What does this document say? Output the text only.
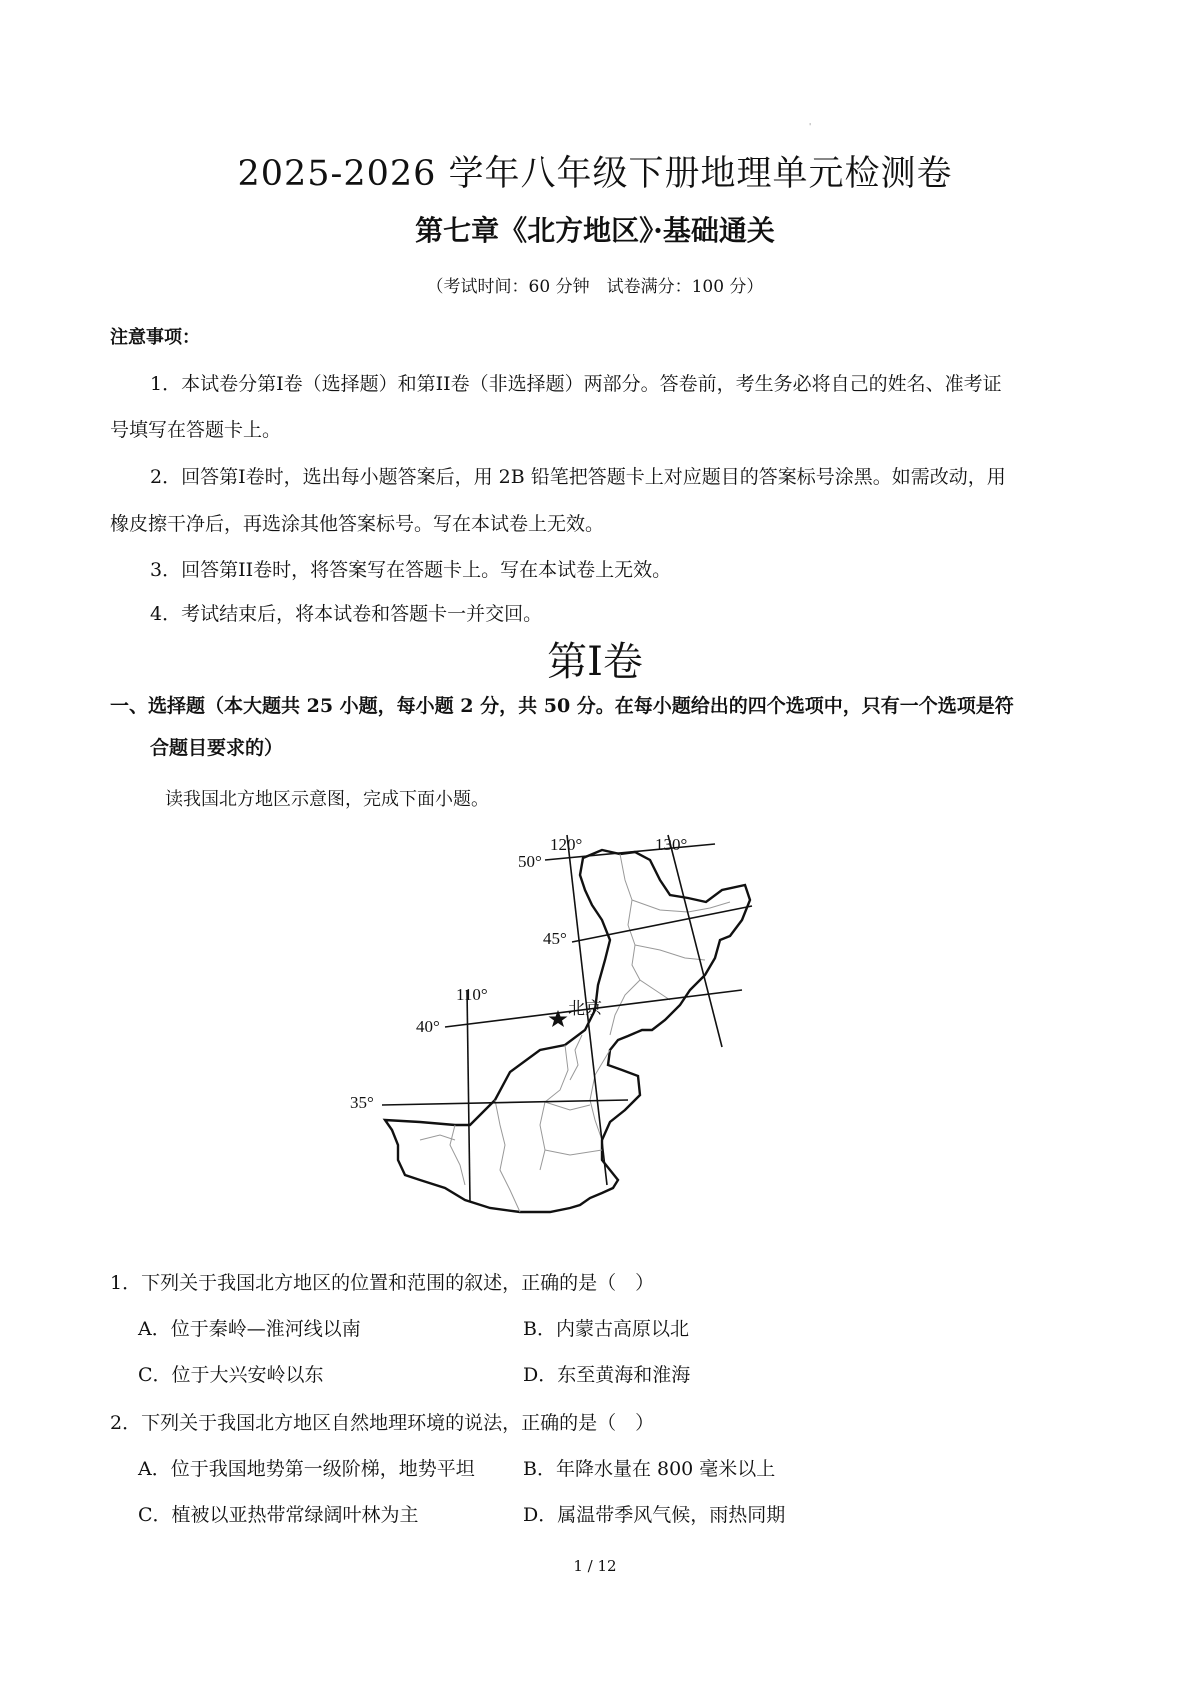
'
2025-2026 学年八年级下册地理单元检测卷
第七章《北方地区》·基础通关
（考试时间：60 分钟　试卷满分：100 分）
注意事项：
1．本试卷分第I卷（选择题）和第II卷（非选择题）两部分。答卷前，考生务必将自己的姓名、准考证
号填写在答题卡上。
2．回答第I卷时，选出每小题答案后，用 2B 铅笔把答题卡上对应题目的答案标号涂黑。如需改动，用
橡皮擦干净后，再选涂其他答案标号。写在本试卷上无效。
3．回答第II卷时，将答案写在答题卡上。写在本试卷上无效。
4．考试结束后，将本试卷和答题卡一并交回。
第I卷
一、选择题（本大题共 25 小题，每小题 2 分，共 50 分。在每小题给出的四个选项中，只有一个选项是符
合题目要求的）
读我国北方地区示意图，完成下面小题。
120°	130°
50°
45°
110°
40°
35°
北京
1．下列关于我国北方地区的位置和范围的叙述，正确的是（　）
A．位于秦岭—淮河线以南	B．内蒙古高原以北
C．位于大兴安岭以东	D．东至黄海和淮海
2．下列关于我国北方地区自然地理环境的说法，正确的是（　）
A．位于我国地势第一级阶梯，地势平坦	B．年降水量在 800 毫米以上
C．植被以亚热带常绿阔叶林为主	D．属温带季风气候，雨热同期
1 / 12
